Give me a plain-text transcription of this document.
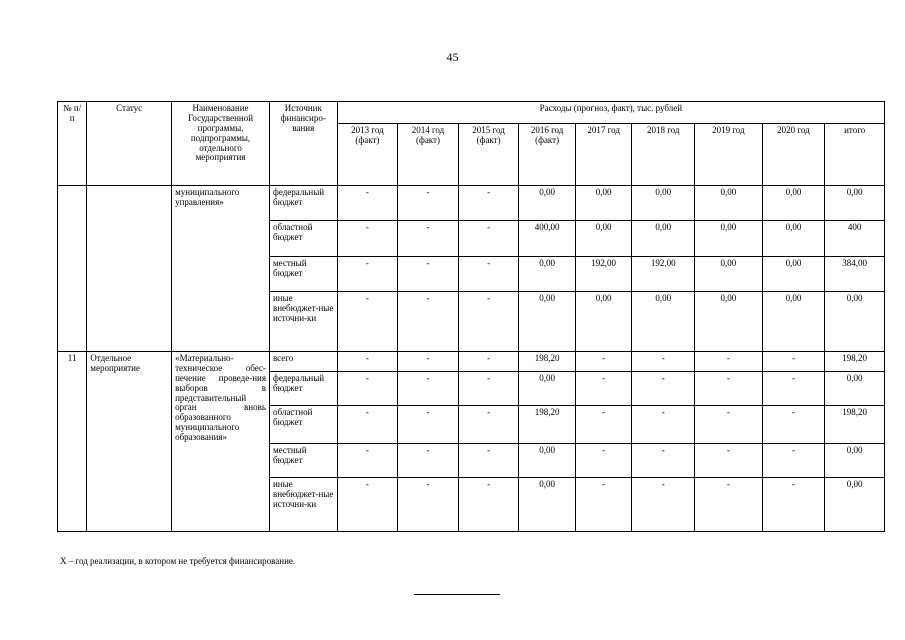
45
№ п/п	Статус	Наименование Государственной программы, подпрограммы, отдельного мероприятия	Источник финансиро-вания	Расходы (прогноз, факт), тыс. рублей								
				2013 год (факт)	2014 год (факт)	2015 год (факт)	2016 год (факт)	2017 год	2018 год	2019 год	2020 год	итого
		муниципального управления»	федеральный бюджет	-	-	-	0,00	0,00	0,00	0,00	0,00	0,00
			областной бюджет	-	-	-	400,00	0,00	0,00	0,00	0,00	400
			местный бюджет	-	-	-	0,00	192,00	192,00	0,00	0,00	384,00
			иные внебюджет-ные источни-ки	-	-	-	0,00	0,00	0,00	0,00	0,00	0,00
11	Отдельное мероприятие	«Материально-техническое обес-печение проведе-ния выборов в представительный орган вновь образованного муниципального образования»	всего	-	-	-	198,20	-	-	-	-	198,20
			федеральный бюджет	-	-	-	0,00	-	-	-	-	0,00
			областной бюджет	-	-	-	198,20	-	-	-	-	198,20
			местный бюджет	-	-	-	0,00	-	-	-	-	0,00
			иные внебюджет-ные источни-ки	-	-	-	0,00	-	-	-	-	0,00
Х – год реализации, в котором не требуется финансирование.
